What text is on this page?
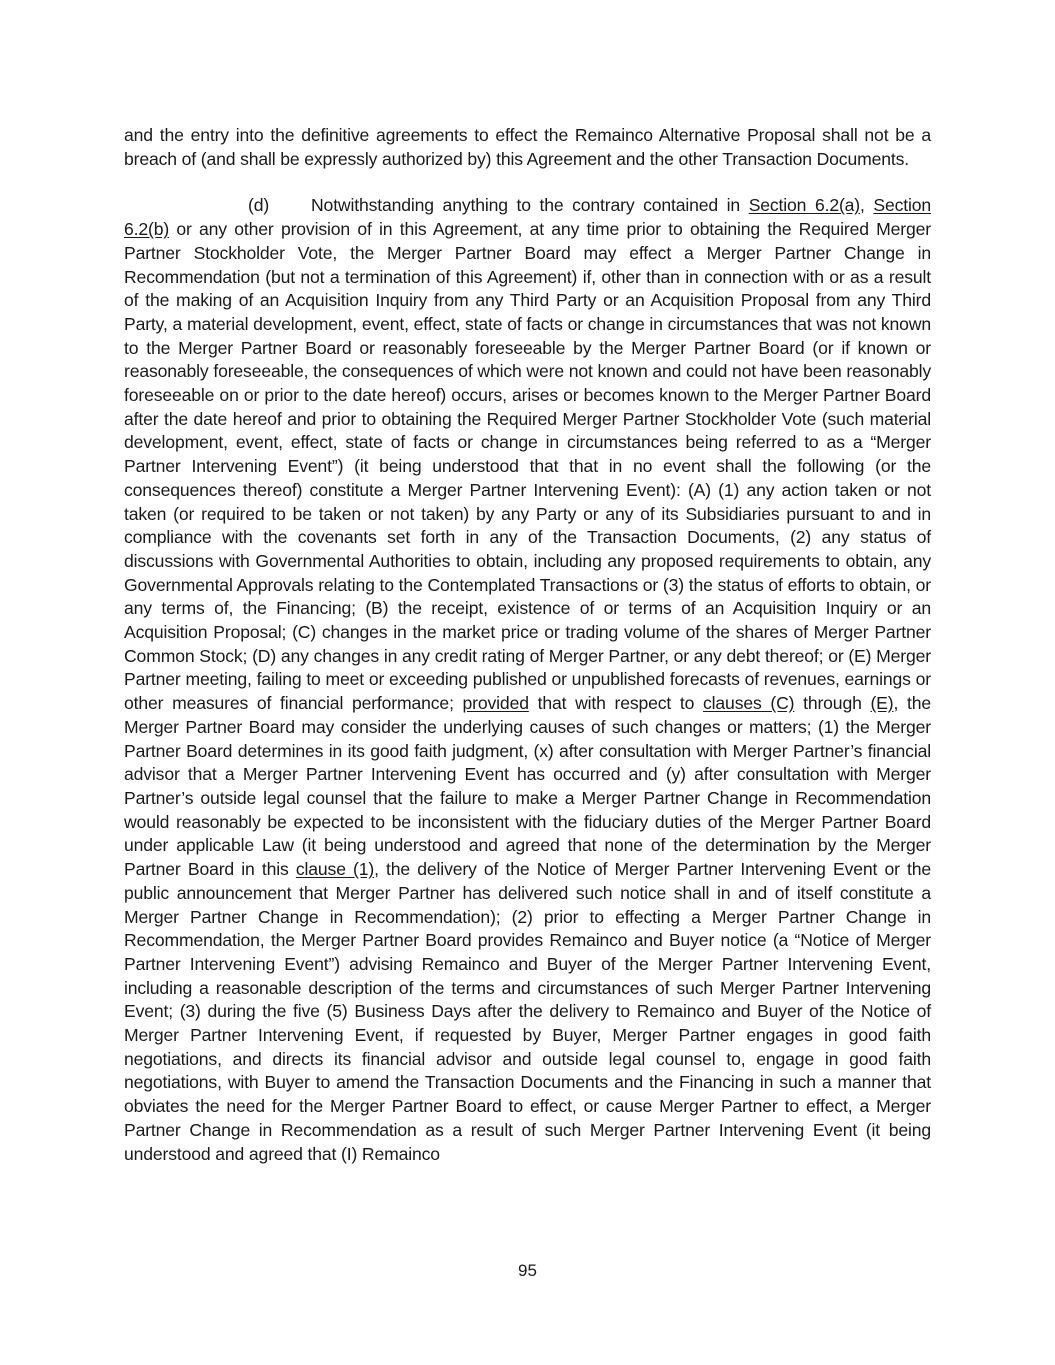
and the entry into the definitive agreements to effect the Remainco Alternative Proposal shall not be a breach of (and shall be expressly authorized by) this Agreement and the other Transaction Documents.

(d) Notwithstanding anything to the contrary contained in Section 6.2(a), Section 6.2(b) or any other provision of in this Agreement, at any time prior to obtaining the Required Merger Partner Stockholder Vote, the Merger Partner Board may effect a Merger Partner Change in Recommendation (but not a termination of this Agreement) if, other than in connection with or as a result of the making of an Acquisition Inquiry from any Third Party or an Acquisition Proposal from any Third Party, a material development, event, effect, state of facts or change in circumstances that was not known to the Merger Partner Board or reasonably foreseeable by the Merger Partner Board (or if known or reasonably foreseeable, the consequences of which were not known and could not have been reasonably foreseeable on or prior to the date hereof) occurs, arises or becomes known to the Merger Partner Board after the date hereof and prior to obtaining the Required Merger Partner Stockholder Vote (such material development, event, effect, state of facts or change in circumstances being referred to as a “Merger Partner Intervening Event”) (it being understood that that in no event shall the following (or the consequences thereof) constitute a Merger Partner Intervening Event): (A) (1) any action taken or not taken (or required to be taken or not taken) by any Party or any of its Subsidiaries pursuant to and in compliance with the covenants set forth in any of the Transaction Documents, (2) any status of discussions with Governmental Authorities to obtain, including any proposed requirements to obtain, any Governmental Approvals relating to the Contemplated Transactions or (3) the status of efforts to obtain, or any terms of, the Financing; (B) the receipt, existence of or terms of an Acquisition Inquiry or an Acquisition Proposal; (C) changes in the market price or trading volume of the shares of Merger Partner Common Stock; (D) any changes in any credit rating of Merger Partner, or any debt thereof; or (E) Merger Partner meeting, failing to meet or exceeding published or unpublished forecasts of revenues, earnings or other measures of financial performance; provided that with respect to clauses (C) through (E), the Merger Partner Board may consider the underlying causes of such changes or matters; (1) the Merger Partner Board determines in its good faith judgment, (x) after consultation with Merger Partner’s financial advisor that a Merger Partner Intervening Event has occurred and (y) after consultation with Merger Partner’s outside legal counsel that the failure to make a Merger Partner Change in Recommendation would reasonably be expected to be inconsistent with the fiduciary duties of the Merger Partner Board under applicable Law (it being understood and agreed that none of the determination by the Merger Partner Board in this clause (1), the delivery of the Notice of Merger Partner Intervening Event or the public announcement that Merger Partner has delivered such notice shall in and of itself constitute a Merger Partner Change in Recommendation); (2) prior to effecting a Merger Partner Change in Recommendation, the Merger Partner Board provides Remainco and Buyer notice (a “Notice of Merger Partner Intervening Event”) advising Remainco and Buyer of the Merger Partner Intervening Event, including a reasonable description of the terms and circumstances of such Merger Partner Intervening Event; (3) during the five (5) Business Days after the delivery to Remainco and Buyer of the Notice of Merger Partner Intervening Event, if requested by Buyer, Merger Partner engages in good faith negotiations, and directs its financial advisor and outside legal counsel to, engage in good faith negotiations, with Buyer to amend the Transaction Documents and the Financing in such a manner that obviates the need for the Merger Partner Board to effect, or cause Merger Partner to effect, a Merger Partner Change in Recommendation as a result of such Merger Partner Intervening Event (it being understood and agreed that (I) Remainco

95
